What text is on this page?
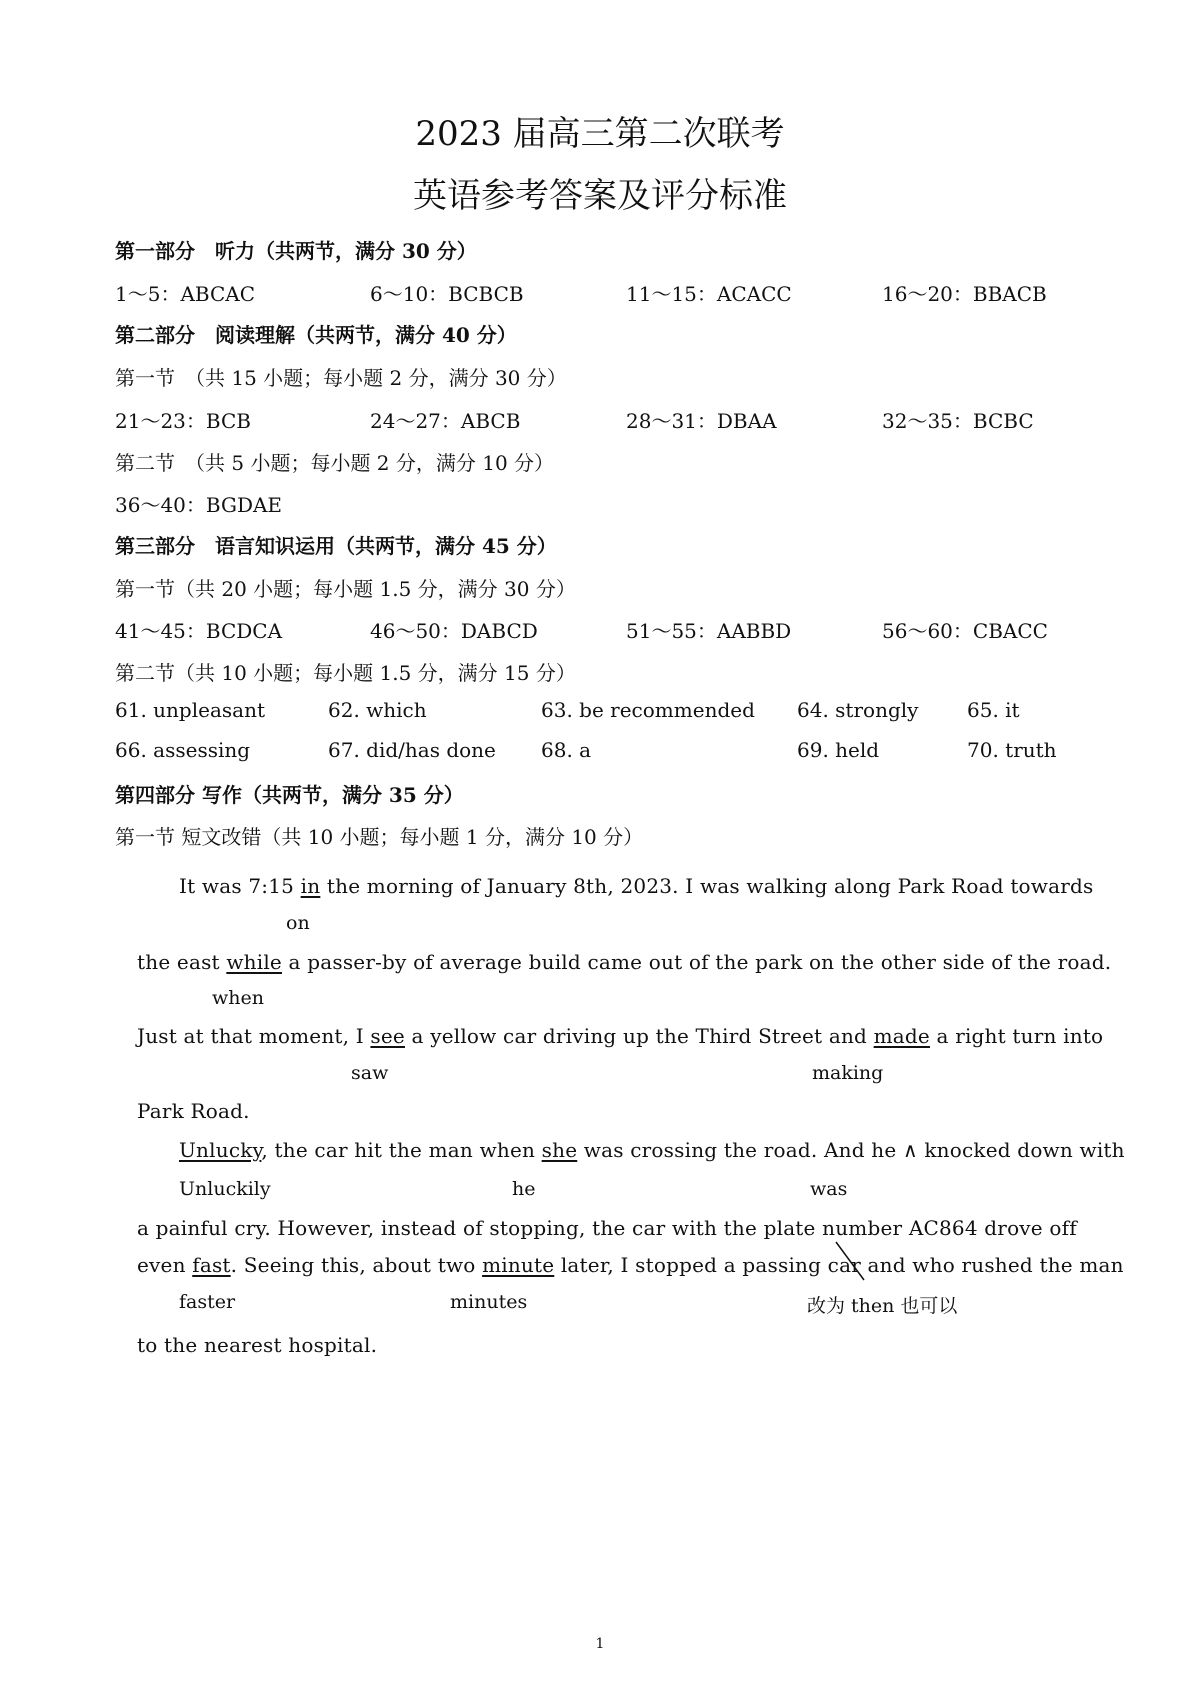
2023 届高三第二次联考
英语参考答案及评分标准
第一部分　听力（共两节，满分 30 分）
1～5：ABCAC	6～10：BCBCB	11～15：ACACC	16～20：BBACB
第二部分　阅读理解（共两节，满分 40 分）
第一节　（共 15 小题；每小题 2 分，满分 30 分）
21～23：BCB	24～27：ABCB	28～31：DBAA	32～35：BCBC
第二节　（共 5 小题；每小题 2 分，满分 10 分）
36～40：BGDAE
第三部分　语言知识运用（共两节，满分 45 分）
第一节（共 20 小题；每小题 1.5 分，满分 30 分）
41～45：BCDCA	46～50：DABCD	51～55：AABBD	56～60：CBACC
第二节（共 10 小题；每小题 1.5 分，满分 15 分）
61. unpleasant	62. which	63. be recommended 64. strongly 65. it
66. assessing	67. did/has done 68. a	69. held	70. truth
第四部分 写作（共两节，满分 35 分）
第一节 短文改错（共 10 小题；每小题 1 分，满分 10 分）
It was 7:15 in the morning of January 8th, 2023. I was walking along Park Road towards
on
the east while a passer-by of average build came out of the park on the other side of the road.
when
Just at that moment, I see a yellow car driving up the Third Street and made a right turn into
saw	making
Park Road.
Unlucky, the car hit the man when she was crossing the road. And he ∧ knocked down with
Unluckily	he	was
a painful cry. However, instead of stopping, the car with the plate number AC864 drove off
even fast. Seeing this, about two minute later, I stopped a passing car and who rushed the man
faster	minutes	改为 then 也可以
to the nearest hospital.
1
